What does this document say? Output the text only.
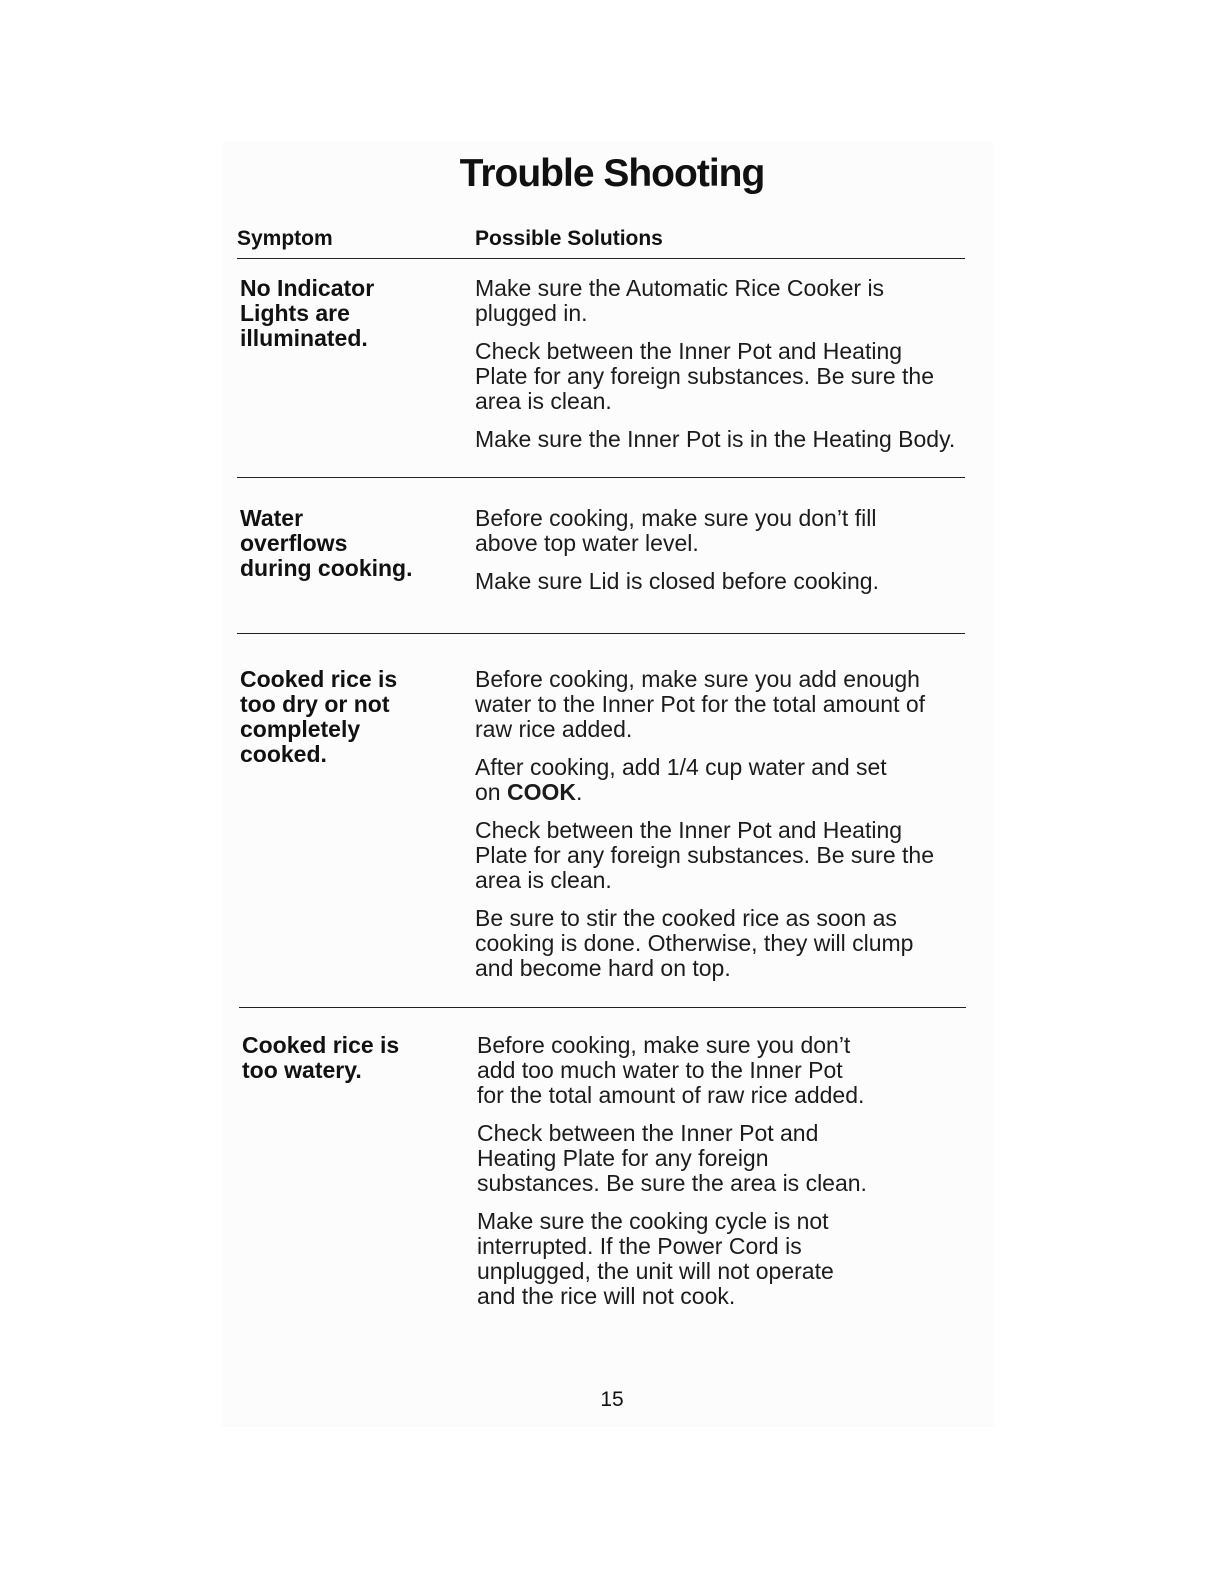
Trouble Shooting
Symptom	Possible Solutions
No Indicator
Lights are
illuminated.
Make sure the Automatic Rice Cooker is
plugged in.
Check between the Inner Pot and Heating
Plate for any foreign substances. Be sure the
area is clean.
Make sure the Inner Pot is in the Heating Body.
Water
overflows
during cooking.
Before cooking, make sure you don’t fill
above top water level.
Make sure Lid is closed before cooking.
Cooked rice is
too dry or not
completely
cooked.
Before cooking, make sure you add enough
water to the Inner Pot for the total amount of
raw rice added.
After cooking, add 1/4 cup water and set
on COOK.
Check between the Inner Pot and Heating
Plate for any foreign substances. Be sure the
area is clean.
Be sure to stir the cooked rice as soon as
cooking is done. Otherwise, they will clump
and become hard on top.
Cooked rice is
too watery.
Before cooking, make sure you don’t
add too much water to the Inner Pot
for the total amount of raw rice added.
Check between the Inner Pot and
Heating Plate for any foreign
substances. Be sure the area is clean.
Make sure the cooking cycle is not
interrupted. If the Power Cord is
unplugged, the unit will not operate
and the rice will not cook.
15
